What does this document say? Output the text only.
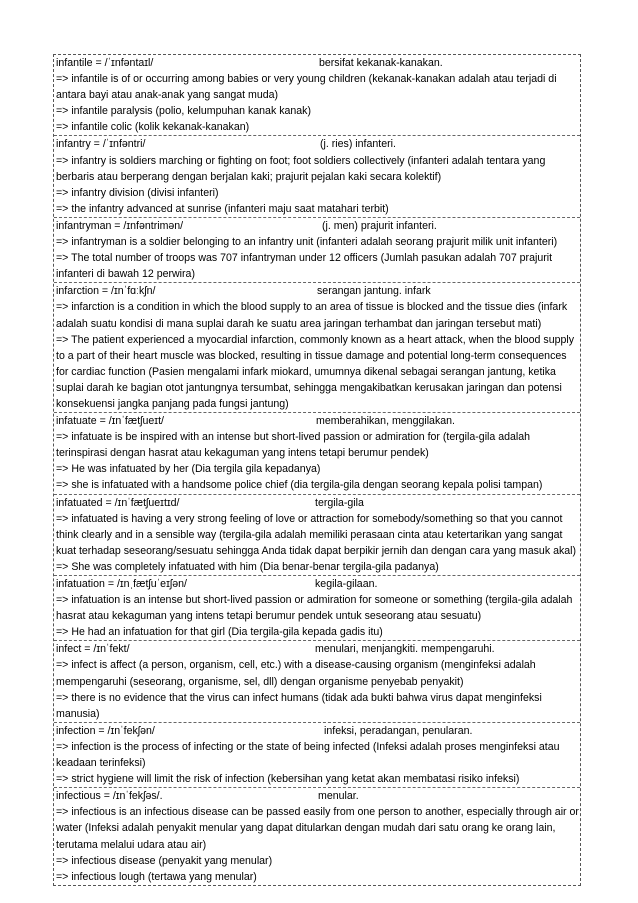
infantile = /ˈɪnfəntaɪl/	bersifat kekanak-kanakan.

=> infantile is of or occurring among babies or very young children (kekanak-kanakan adalah atau terjadi di antara bayi atau anak-anak yang sangat muda)

=> infantile paralysis (polio, kelumpuhan kanak kanak)

=> infantile colic (kolik kekanak-kanakan)

infantry = /ˈɪnfəntri/	(j. ries) infanteri.

=> infantry is soldiers marching or fighting on foot; foot soldiers collectively (infanteri adalah tentara yang berbaris atau berperang dengan berjalan kaki; prajurit pejalan kaki secara kolektif)

=> infantry division (divisi infanteri)

=> the infantry advanced at sunrise (infanteri maju saat matahari terbit)

infantryman = /ɪnfəntrimən/	(j. men) prajurit infanteri.

=> infantryman is a soldier belonging to an infantry unit (infanteri adalah seorang prajurit milik unit infanteri)

=> The total number of troops was 707 infantryman under 12 officers (Jumlah pasukan adalah 707 prajurit infanteri di bawah 12 perwira)

infarction = /ɪnˈfɑːkʃn/	serangan jantung. infark

=> infarction is a condition in which the blood supply to an area of tissue is blocked and the tissue dies (infark adalah suatu kondisi di mana suplai darah ke suatu area jaringan terhambat dan jaringan tersebut mati)

=> The patient experienced a myocardial infarction, commonly known as a heart attack, when the blood supply to a part of their heart muscle was blocked, resulting in tissue damage and potential long-term consequences for cardiac function (Pasien mengalami infark miokard, umumnya dikenal sebagai serangan jantung, ketika suplai darah ke bagian otot jantungnya tersumbat, sehingga mengakibatkan kerusakan jaringan dan potensi konsekuensi jangka panjang pada fungsi jantung)

infatuate = /ɪnˈfætʃueɪt/	memberahikan, menggilakan.

=> infatuate is be inspired with an intense but short-lived passion or admiration for (tergila-gila adalah terinspirasi dengan hasrat atau kekaguman yang intens tetapi berumur pendek)

=> He was infatuated by her (Dia tergila gila kepadanya)

=> she is infatuated with a handsome police chief (dia tergila-gila dengan seorang kepala polisi tampan)

infatuated = /ɪnˈfætʃueɪtɪd/	tergila-gila

=> infatuated is having a very strong feeling of love or attraction for somebody/something so that you cannot think clearly and in a sensible way (tergila-gila adalah memiliki perasaan cinta atau ketertarikan yang sangat kuat terhadap seseorang/sesuatu sehingga Anda tidak dapat berpikir jernih dan dengan cara yang masuk akal)

=> She was completely infatuated with him (Dia benar-benar tergila-gila padanya)

infatuation = /ɪnˌfætʃuˈeɪʃən/	kegila-gilaan.

=> infatuation is an intense but short-lived passion or admiration for someone or something (tergila-gila adalah hasrat atau kekaguman yang intens tetapi berumur pendek untuk seseorang atau sesuatu)

=> He had an infatuation for that girl (Dia tergila-gila kepada gadis itu)

infect = /ɪnˈfekt/	menulari, menjangkiti. mempengaruhi.

=> infect is affect (a person, organism, cell, etc.) with a disease-causing organism (menginfeksi adalah mempengaruhi (seseorang, organisme, sel, dll) dengan organisme penyebab penyakit)

=> there is no evidence that the virus can infect humans (tidak ada bukti bahwa virus dapat menginfeksi manusia)

infection = /ɪnˈfekʃən/	infeksi, peradangan, penularan.

=> infection is the process of infecting or the state of being infected (Infeksi adalah proses menginfeksi atau keadaan terinfeksi)

=> strict hygiene will limit the risk of infection (kebersihan yang ketat akan membatasi risiko infeksi)

infectious = /ɪnˈfekʃəs/.	menular.

=> infectious is an infectious disease can be passed easily from one person to another, especially through air or water (Infeksi adalah penyakit menular yang dapat ditularkan dengan mudah dari satu orang ke orang lain, terutama melalui udara atau air)

=> infectious disease (penyakit yang menular)

=> infectious lough (tertawa yang menular)
